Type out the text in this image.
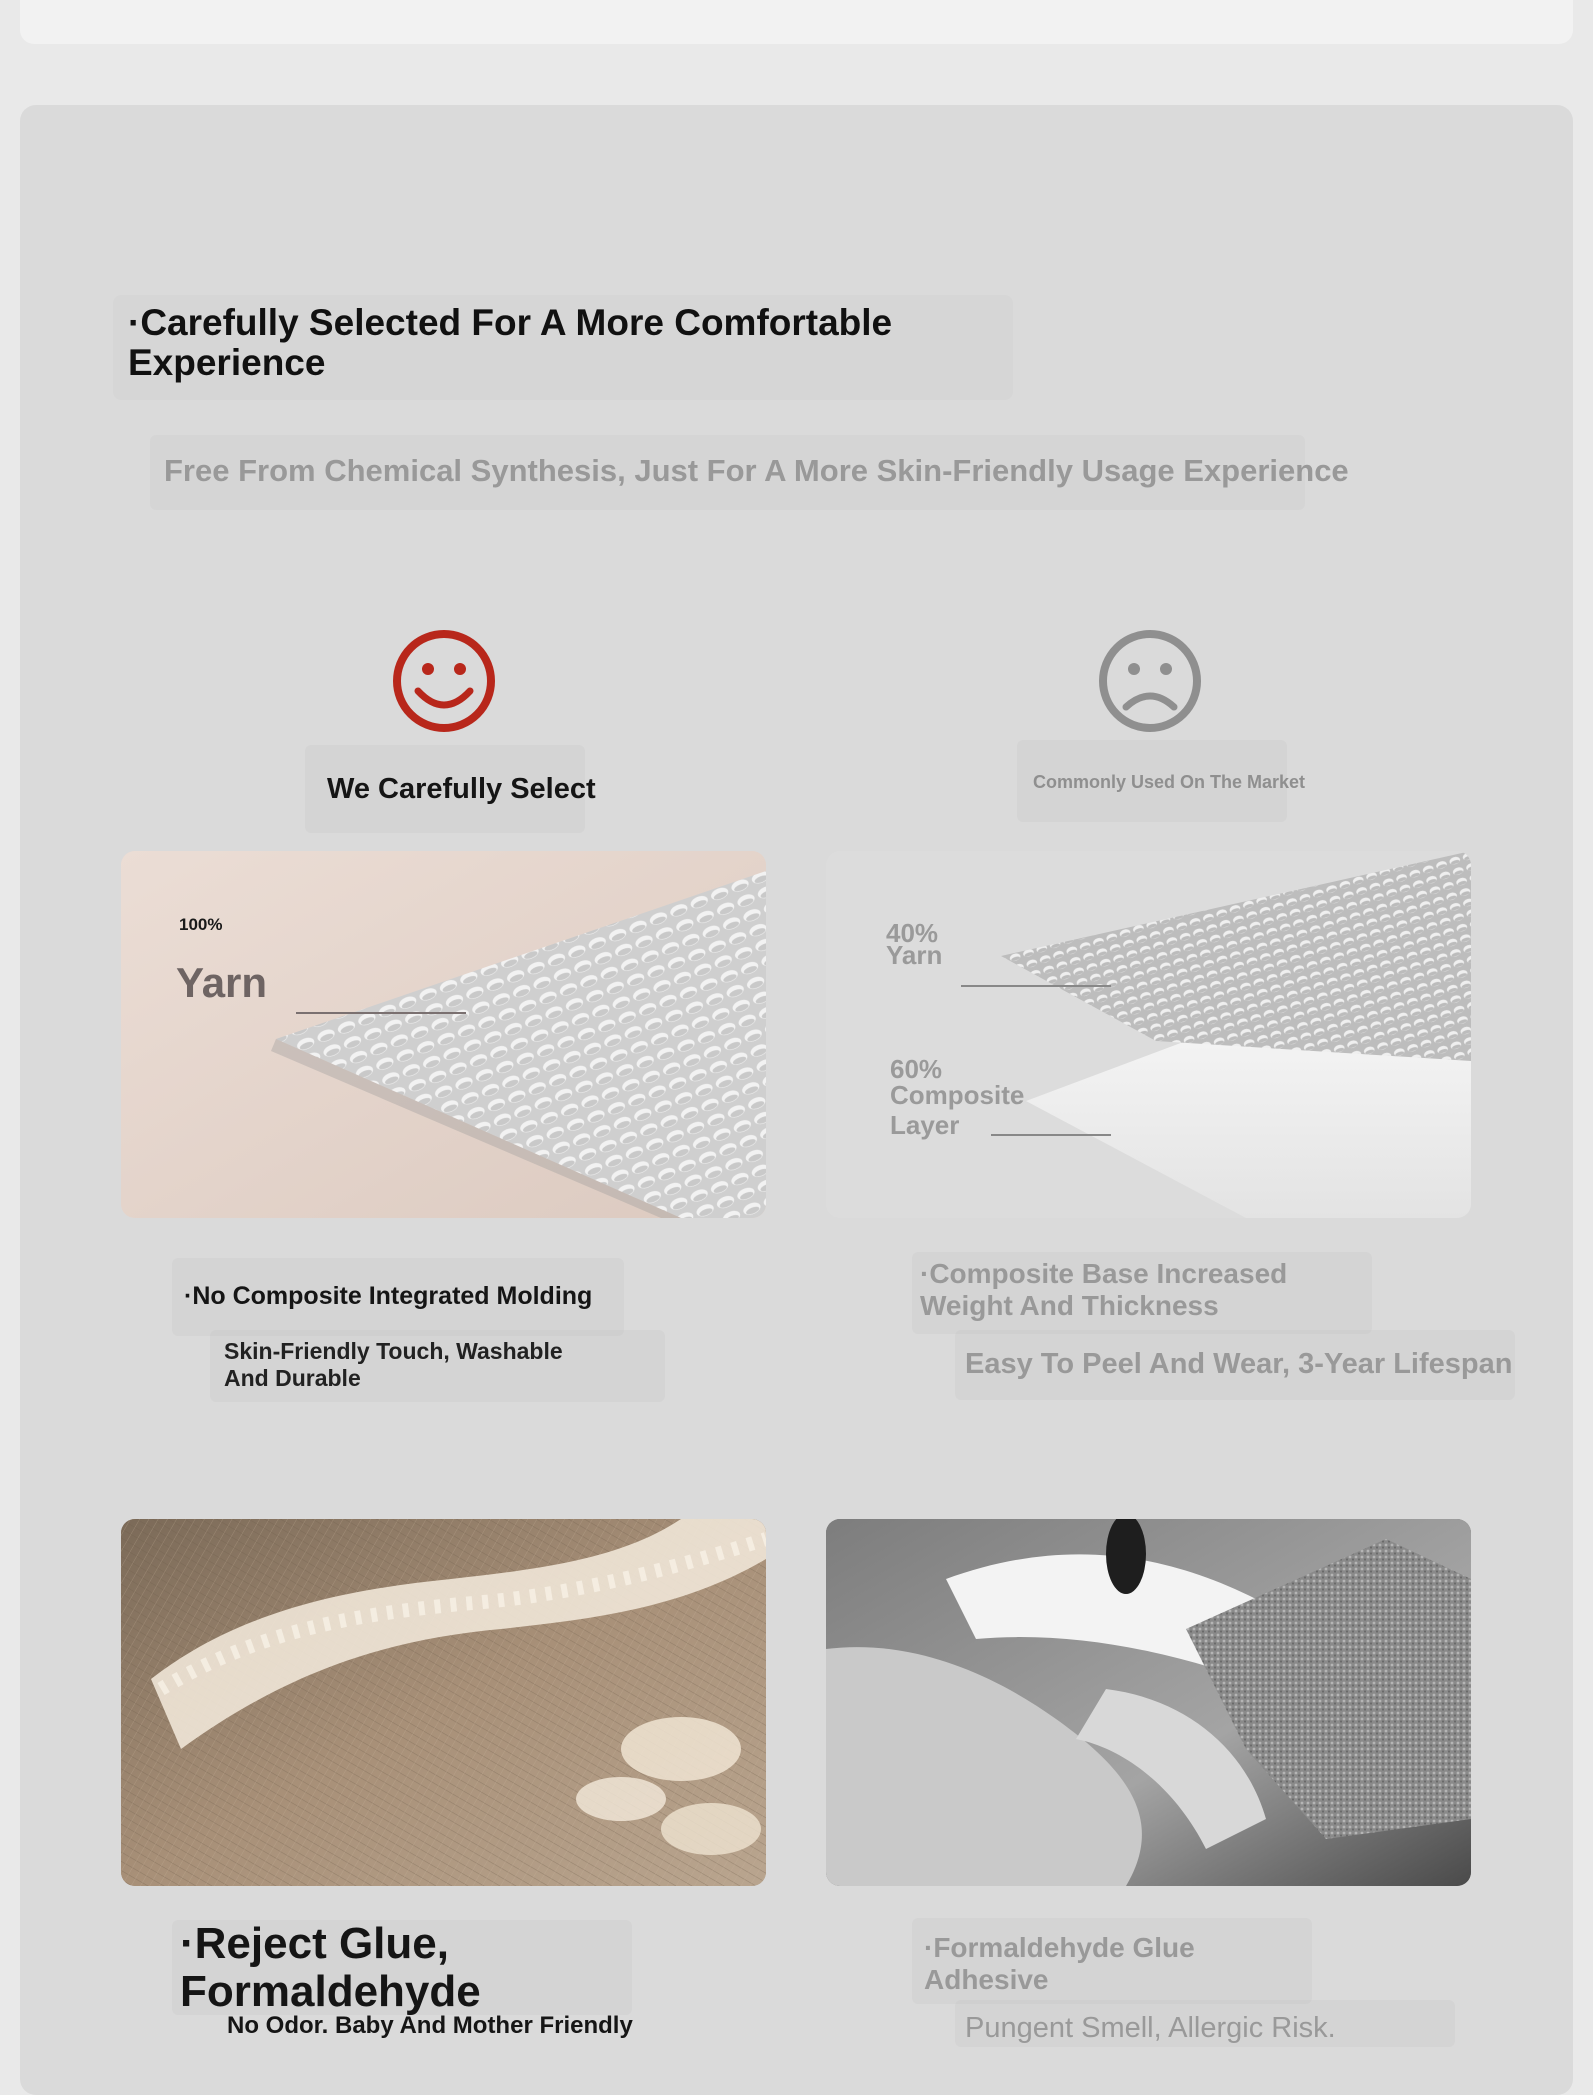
·Carefully Selected For A More Comfortable Experience
Free From Chemical Synthesis, Just For A More Skin-Friendly Usage Experience
We Carefully Select	Commonly Used On The Market
100%
Yarn
40%
Yarn
60%
Composite
Layer
·No Composite Integrated Molding
Skin-Friendly Touch, Washable And Durable
·Composite Base Increased Weight And Thickness
Easy To Peel And Wear, 3-Year Lifespan
·Reject Glue, Formaldehyde
No Odor. Baby And Mother Friendly
·Formaldehyde Glue Adhesive
Pungent Smell, Allergic Risk.
